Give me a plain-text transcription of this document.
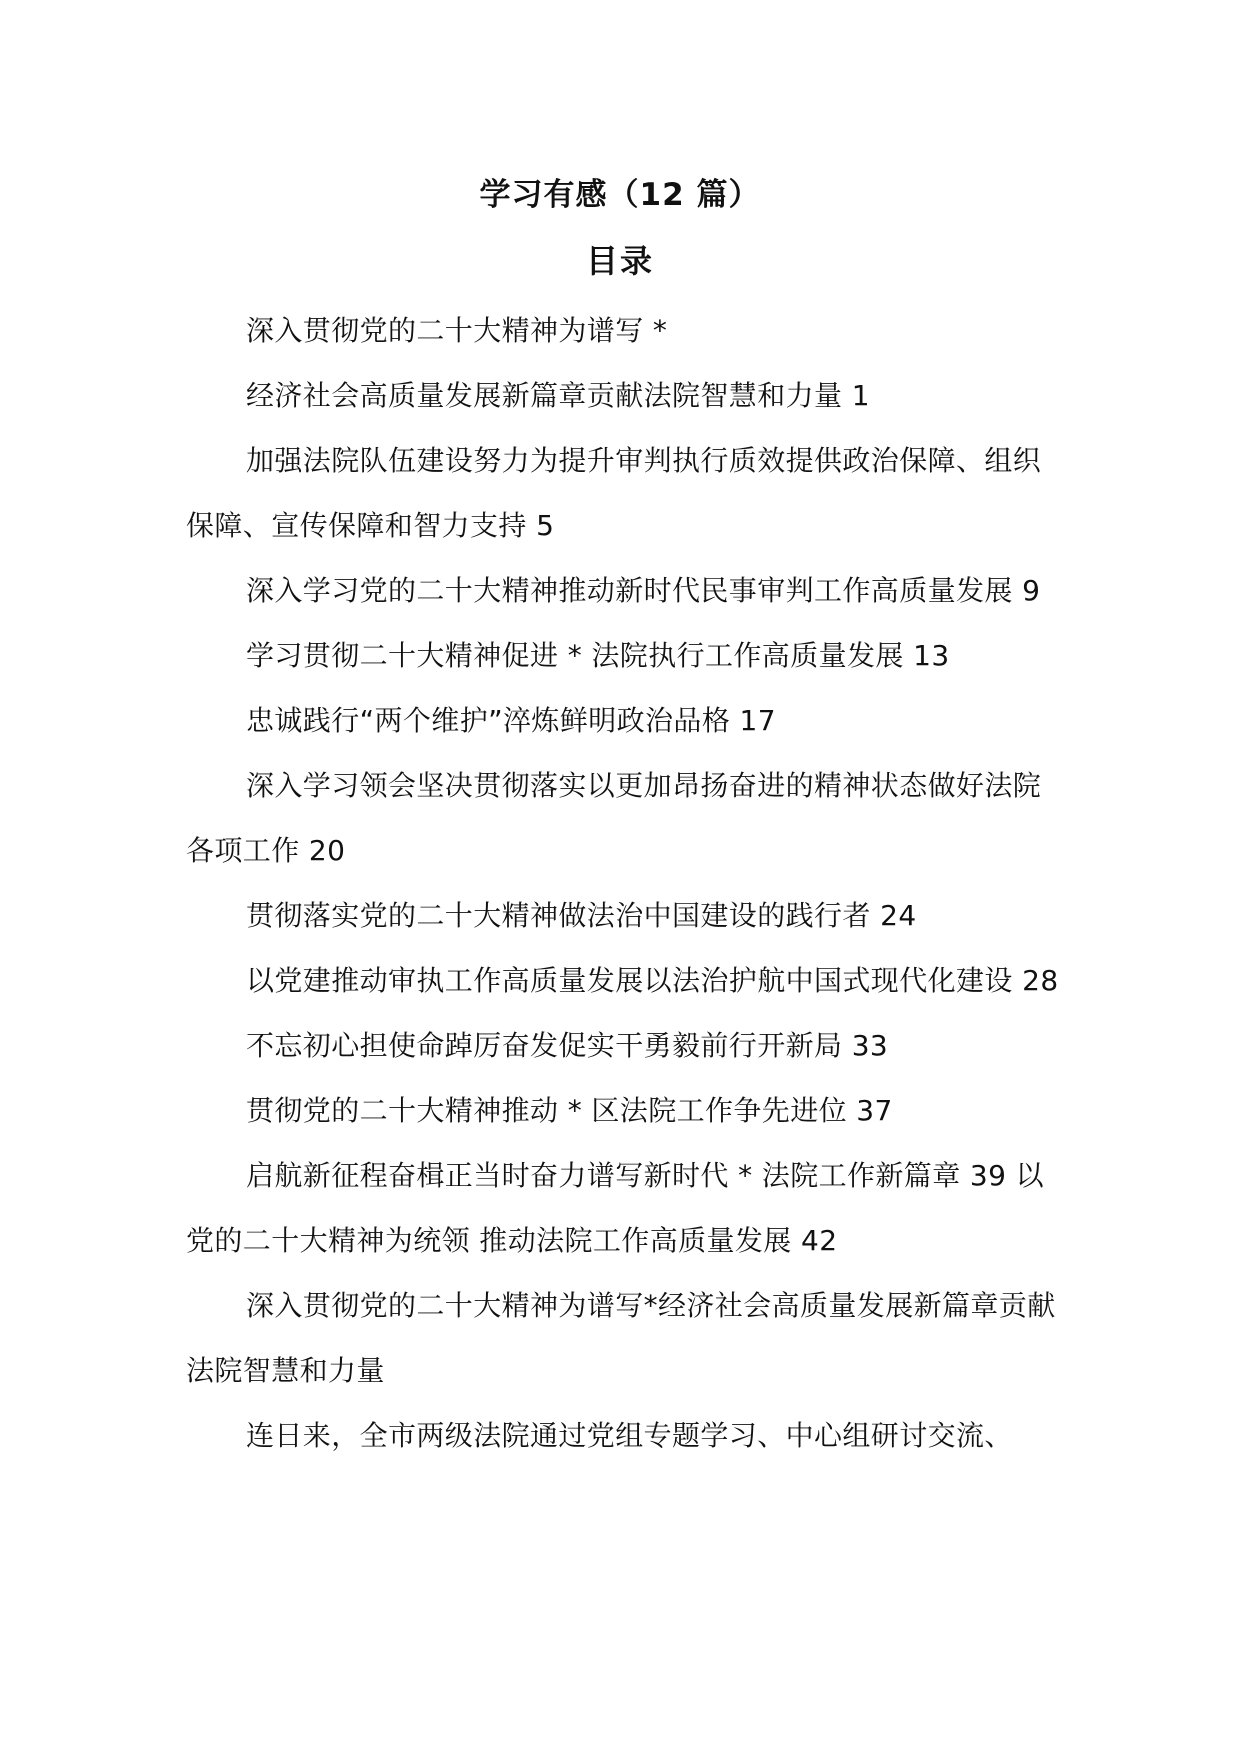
学习有感（12 篇）
目录

深入贯彻党的二十大精神为谱写 *

经济社会高质量发展新篇章贡献法院智慧和力量 1

加强法院队伍建设努力为提升审判执行质效提供政治保障、组织保障、宣传保障和智力支持 5

深入学习党的二十大精神推动新时代民事审判工作高质量发展 9

学习贯彻二十大精神促进 * 法院执行工作高质量发展 13

忠诚践行“两个维护”淬炼鲜明政治品格 17

深入学习领会坚决贯彻落实以更加昂扬奋进的精神状态做好法院各项工作 20

贯彻落实党的二十大精神做法治中国建设的践行者 24

以党建推动审执工作高质量发展以法治护航中国式现代化建设 28

不忘初心担使命踔厉奋发促实干勇毅前行开新局 33

贯彻党的二十大精神推动 * 区法院工作争先进位 37

启航新征程奋楫正当时奋力谱写新时代 * 法院工作新篇章 39 以党的二十大精神为统领 推动法院工作高质量发展 42

深入贯彻党的二十大精神为谱写*经济社会高质量发展新篇章贡献法院智慧和力量

连日来，全市两级法院通过党组专题学习、中心组研讨交流、
